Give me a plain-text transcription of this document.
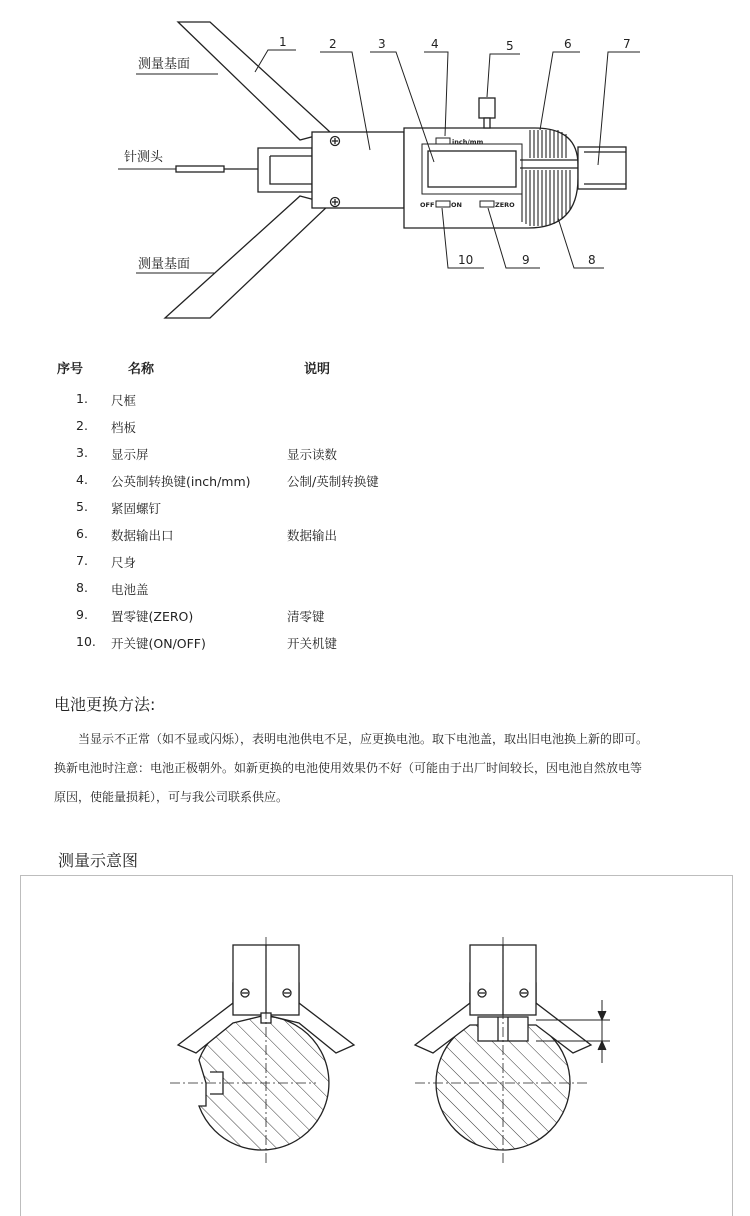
inch/mm
OFF	ON	ZERO
测量基面
针测头
测量基面
1	2	3	4	5	6	7
8
9
10
序号	名称	说明
1. 尺框
2. 档板
3. 显示屏	显示读数
4. 公英制转换键(inch/mm)	公制/英制转换键
5. 紧固螺钉
6. 数据输出口	数据输出
7. 尺身
8. 电池盖
9. 置零键(ZERO)	清零键
10. 开关键(ON/OFF)	开关机键
电池更换方法:
　　当显示不正常（如不显或闪烁），表明电池供电不足，应更换电池。取下电池盖，取出旧电池换上新的即可。
换新电池时注意：电池正极朝外。如新更换的电池使用效果仍不好（可能由于出厂时间较长，因电池自然放电等
原因，使能量损耗），可与我公司联系供应。
测量示意图
